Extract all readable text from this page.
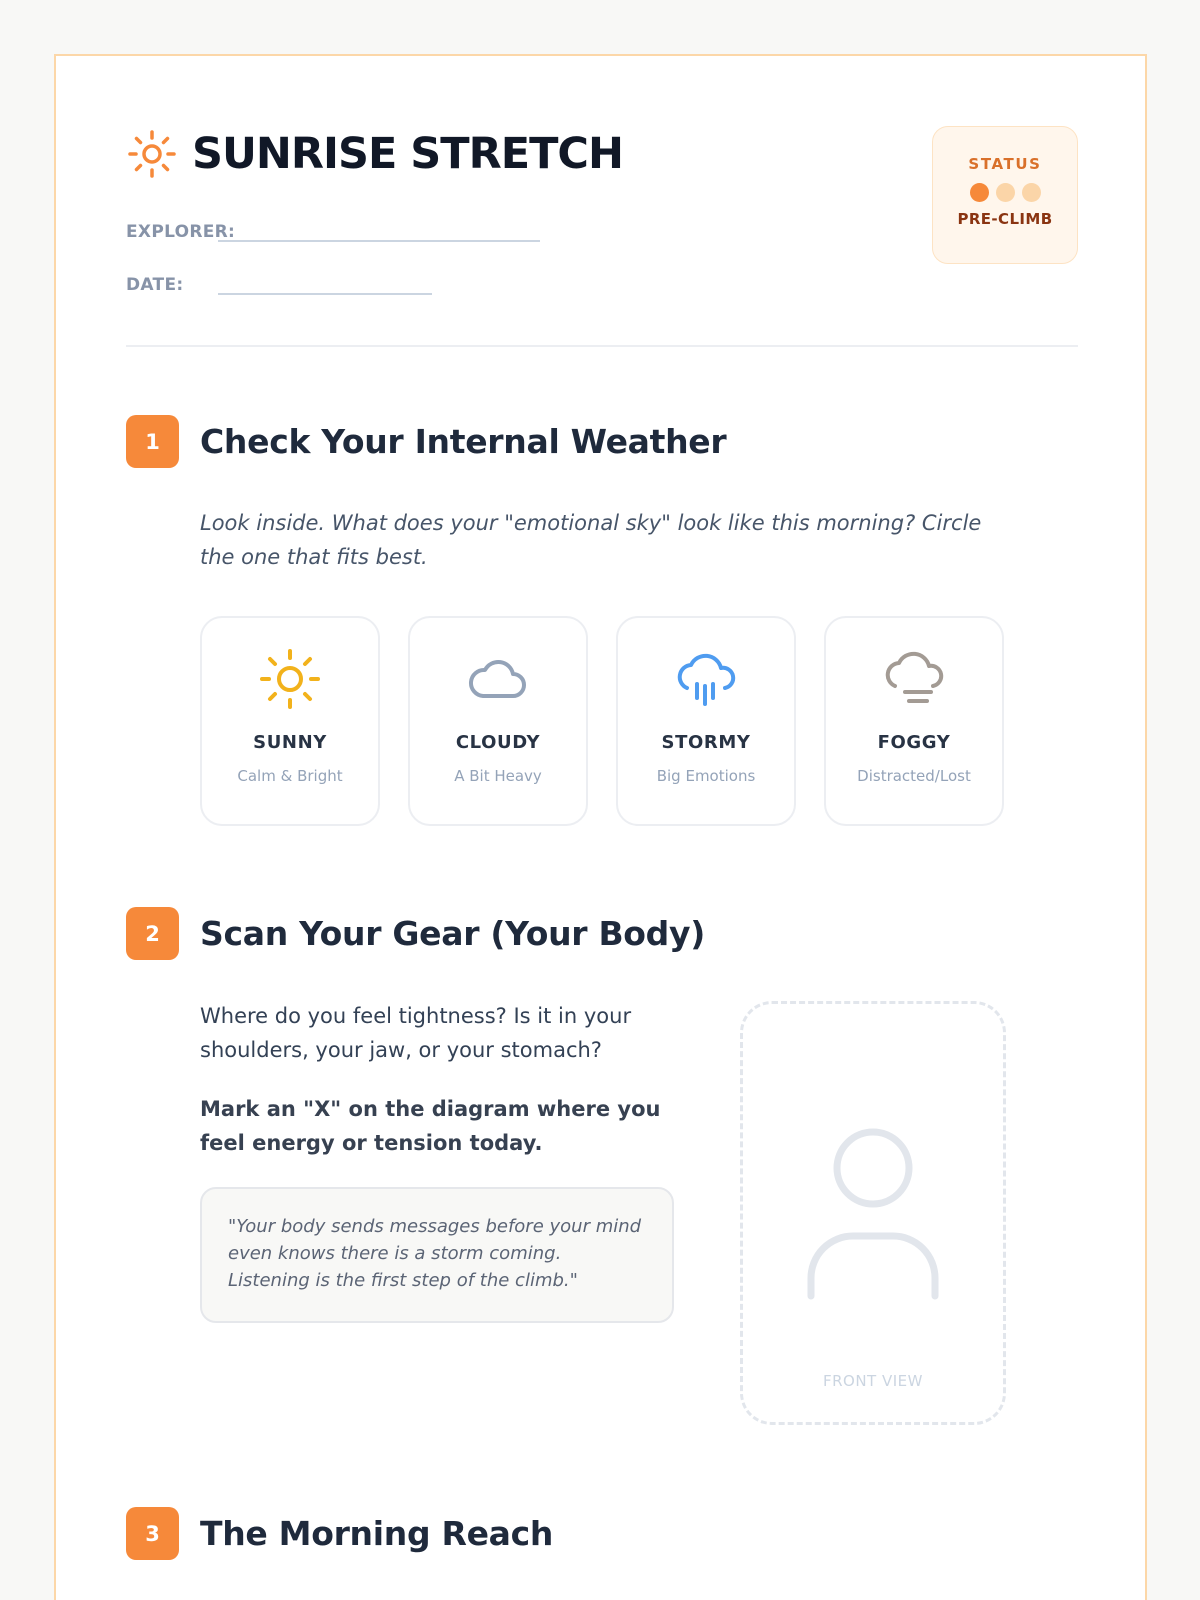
SUNRISE STRETCH
EXPLORER:
DATE:
STATUS
PRE-CLIMB
1	Check Your Internal Weather
Look inside. What does your "emotional sky" look like this morning? Circle the one that fits best.
SUNNY
Calm & Bright
CLOUDY
A Bit Heavy
STORMY
Big Emotions
FOGGY
Distracted/Lost
2	Scan Your Gear (Your Body)
Where do you feel tightness? Is it in your shoulders, your jaw, or your stomach?
Mark an "X" on the diagram where you feel energy or tension today.
"Your body sends messages before your mind even knows there is a storm coming. Listening is the first step of the climb."
FRONT VIEW
3	The Morning Reach
